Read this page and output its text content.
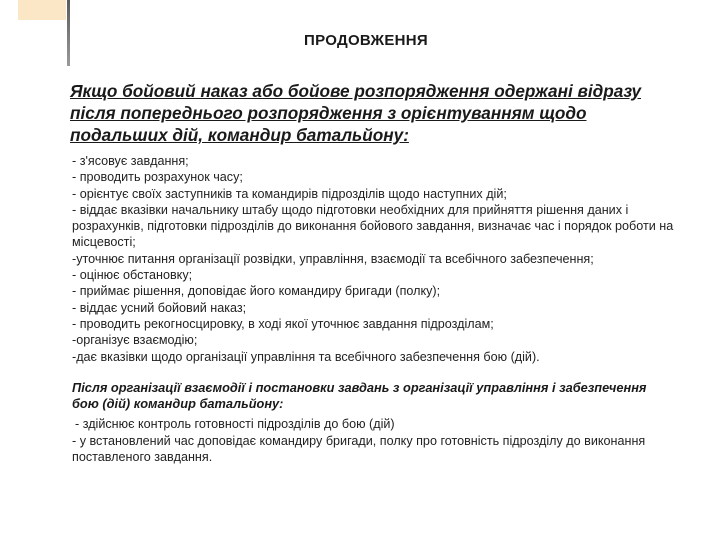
ПРОДОВЖЕННЯ
Якщо бойовий наказ або бойове розпорядження одержані відразу після попереднього розпорядження з орієнтуванням щодо подальших дій, командир батальйону:
- з'ясовує завдання;
- проводить розрахунок часу;
- орієнтує своїх заступників та командирів підрозділів щодо наступних дій;
- віддає вказівки начальнику штабу щодо підготовки необхідних для прийняття рішення даних і розрахунків, підготовки підрозділів до виконання бойового завдання, визначає час і порядок роботи на місцевості;
-уточнює питання організації розвідки, управління, взаємодії та всебічного забезпечення;
- оцінює обстановку;
- приймає рішення, доповідає його командиру бригади (полку);
- віддає усний бойовий наказ;
- проводить рекогносцировку, в ході якої уточнює завдання підрозділам;
-організує взаємодію;
-дає вказівки щодо організації управління та всебічного забезпечення бою (дій).
Після організації взаємодії і постановки завдань з організації управління і забезпечення бою (дій) командир батальйону:
- здійснює контроль готовності підрозділів до бою (дій)
- у встановлений час доповідає командиру бригади, полку про готовність підрозділу до виконання поставленого завдання.
